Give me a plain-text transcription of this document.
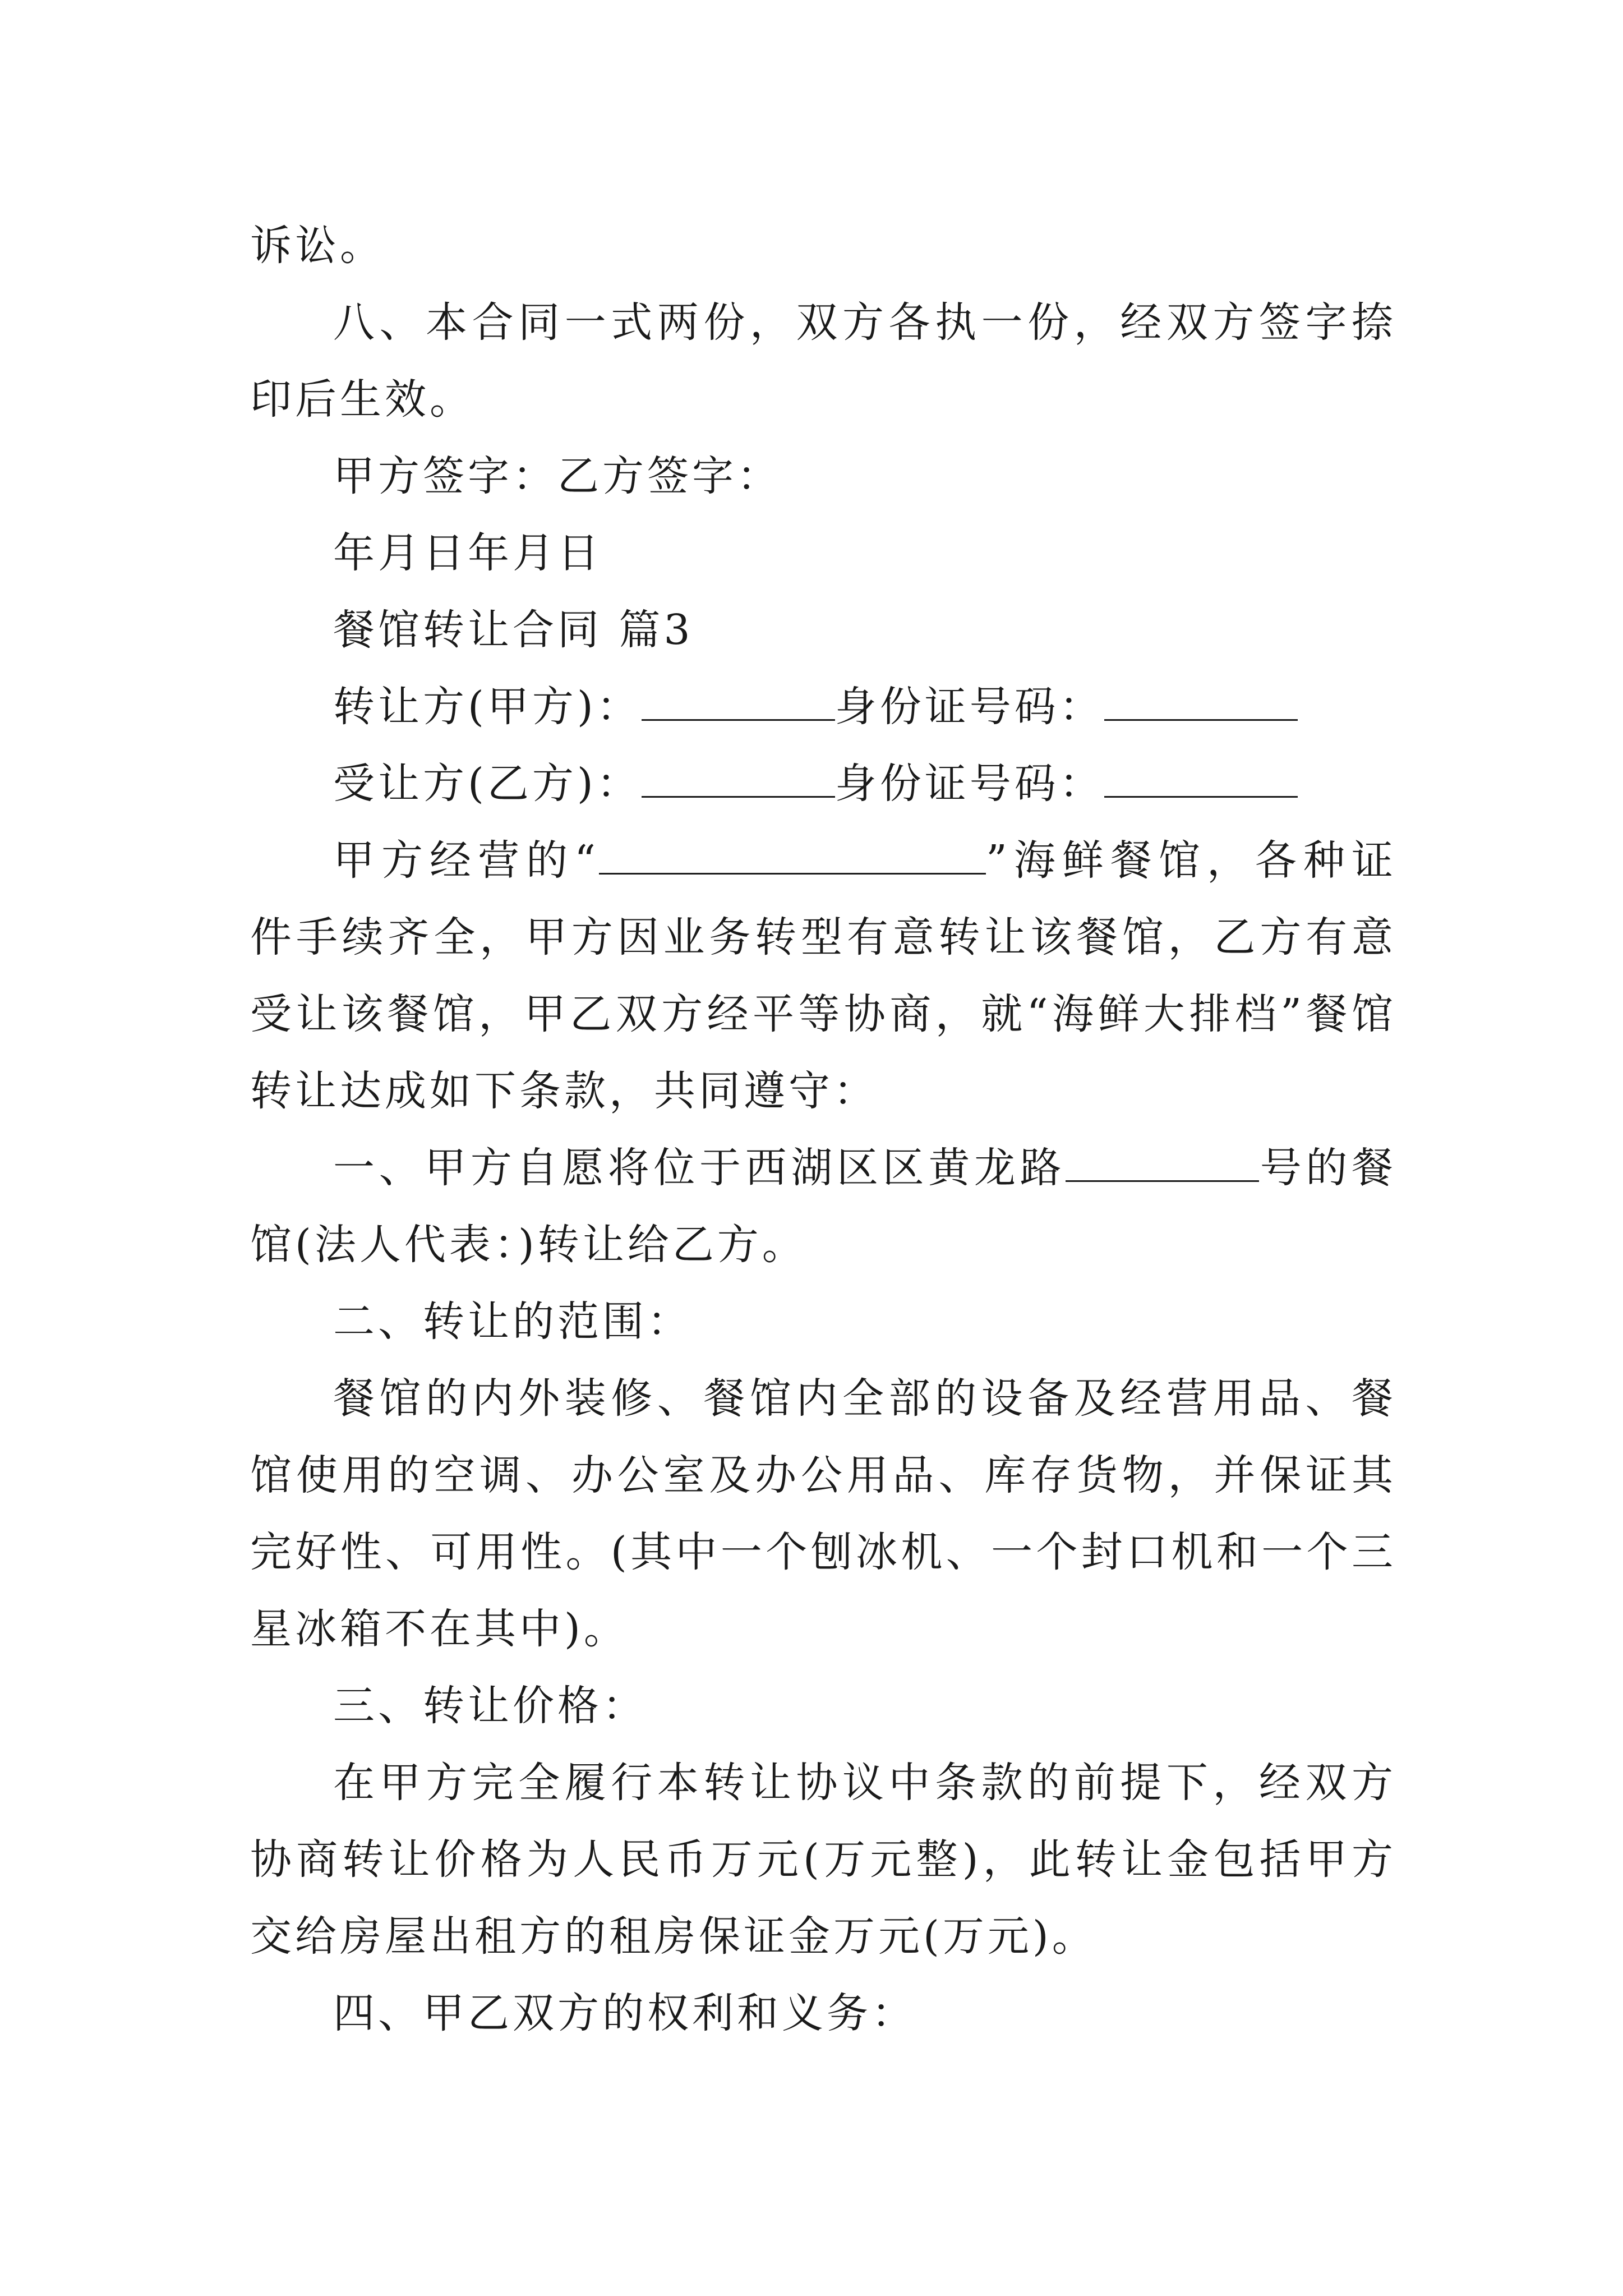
诉讼。

八、本合同一式两份，双方各执一份，经双方签字捺印后生效。

甲方签字：乙方签字：

年月日年月日

餐馆转让合同 篇3

转让方(甲方)：	身份证号码：

受让方(乙方)：	身份证号码：

甲方经营的“	”海鲜餐馆，各种证件手续齐全，甲方因业务转型有意转让该餐馆，乙方有意受让该餐馆，甲乙双方经平等协商，就“海鲜大排档”餐馆转让达成如下条款，共同遵守：

一、甲方自愿将位于西湖区区黄龙路	号的餐馆(法人代表：)转让给乙方。

二、转让的范围：

餐馆的内外装修、餐馆内全部的设备及经营用品、餐馆使用的空调、办公室及办公用品、库存货物，并保证其完好性、可用性。(其中一个刨冰机、一个封口机和一个三星冰箱不在其中)。

三、转让价格：

在甲方完全履行本转让协议中条款的前提下，经双方协商转让价格为人民币万元(万元整)，此转让金包括甲方交给房屋出租方的租房保证金万元(万元)。

四、甲乙双方的权利和义务：
